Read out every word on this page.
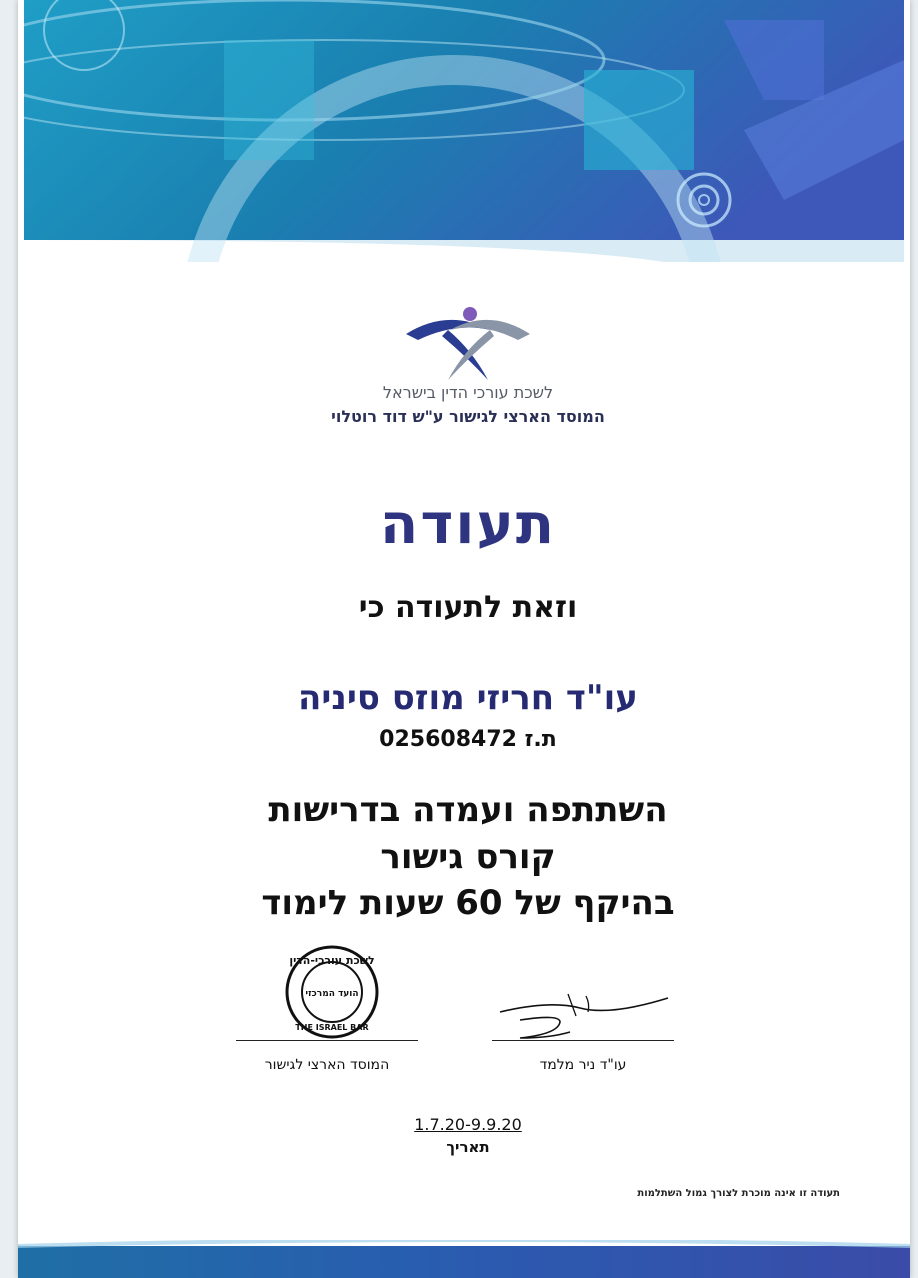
לשכת עורכי הדין בישראל
המוסד הארצי לגישור ע"ש דוד רוטלוי
תעודה
וזאת לתעודה כי
עו"ד חריזי מוזס סיניה
025608472 ת.ז
השתתפה ועמדה בדרישות
קורס גישור
בהיקף של 60 שעות לימוד
לשכת עורכי-הדין
הועד המרכזי
THE ISRAEL BAR
המוסד הארצי לגישור	עו"ד ניר מלמד
1.7.20-9.9.20
תאריך
תעודה זו אינה מוכרת לצורך גמול השתלמות
